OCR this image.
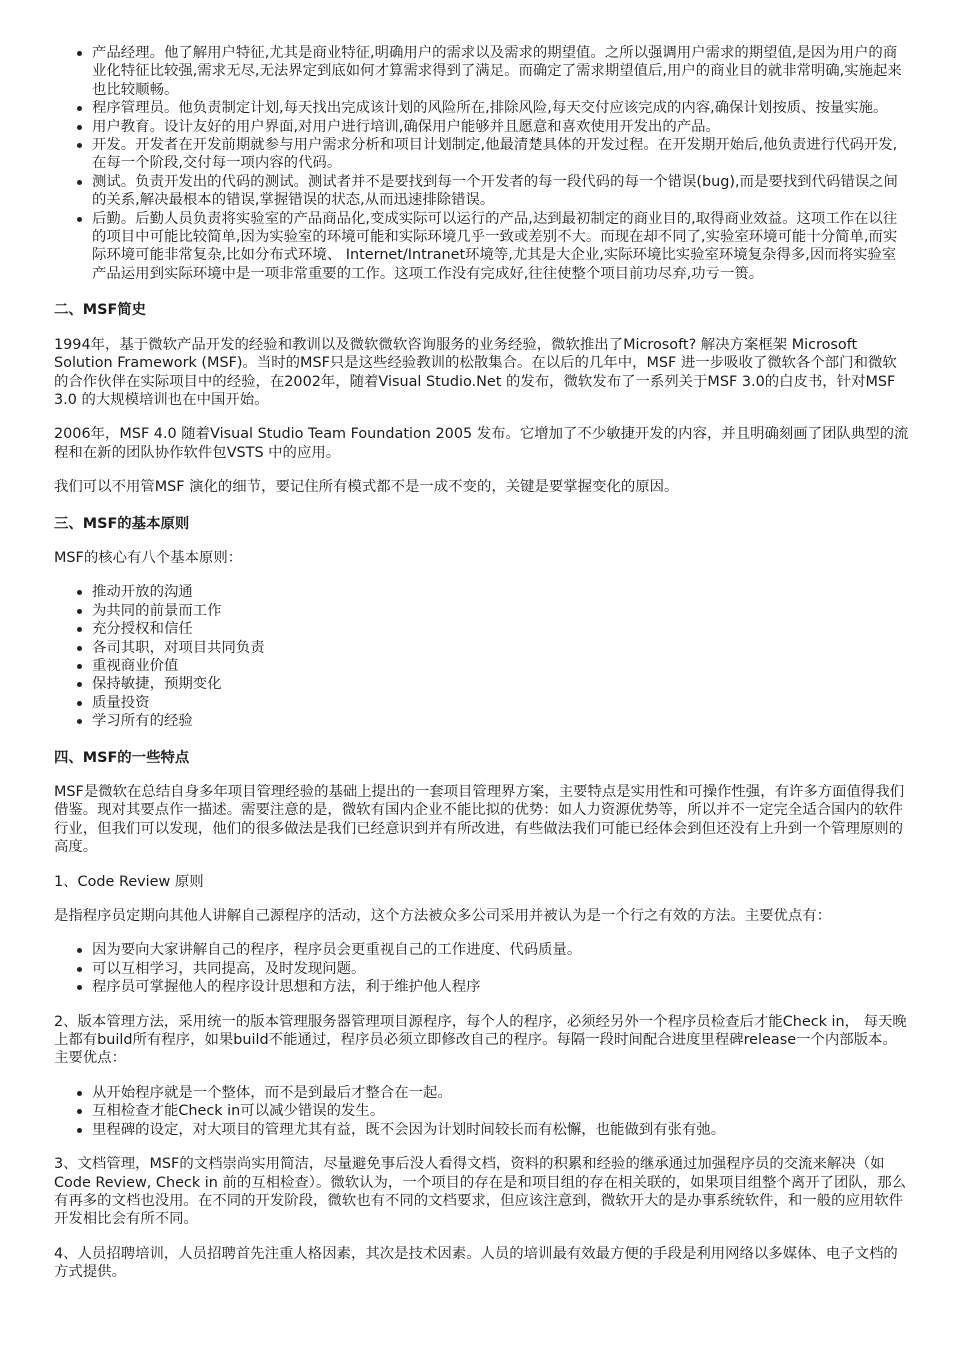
产品经理。他了解用户特征,尤其是商业特征,明确用户的需求以及需求的期望值。之所以强调用户需求的期望值,是因为用户的商业化特征比较强,需求无尽,无法界定到底如何才算需求得到了满足。而确定了需求期望值后,用户的商业目的就非常明确,实施起来也比较顺畅。
程序管理员。他负责制定计划,每天找出完成该计划的风险所在,排除风险,每天交付应该完成的内容,确保计划按质、按量实施。
用户教育。设计友好的用户界面,对用户进行培训,确保用户能够并且愿意和喜欢使用开发出的产品。
开发。开发者在开发前期就参与用户需求分析和项目计划制定,他最清楚具体的开发过程。在开发期开始后,他负责进行代码开发,在每一个阶段,交付每一项内容的代码。
测试。负责开发出的代码的测试。测试者并不是要找到每一个开发者的每一段代码的每一个错误(bug),而是要找到代码错误之间的关系,解决最根本的错误,掌握错误的状态,从而迅速排除错误。
后勤。后勤人员负责将实验室的产品商品化,变成实际可以运行的产品,达到最初制定的商业目的,取得商业效益。这项工作在以往的项目中可能比较简单,因为实验室的环境可能和实际环境几乎一致或差别不大。而现在却不同了,实验室环境可能十分简单,而实际环境可能非常复杂,比如分布式环境、 Internet/Intranet环境等,尤其是大企业,实际环境比实验室环境复杂得多,因而将实验室产品运用到实际环境中是一项非常重要的工作。这项工作没有完成好,往往使整个项目前功尽弃,功亏一篑。
二、MSF简史

1994年，基于微软产品开发的经验和教训以及微软微软咨询服务的业务经验，微软推出了Microsoft? 解决方案框架 Microsoft Solution Framework (MSF)。当时的MSF只是这些经验教训的松散集合。在以后的几年中，MSF 进一步吸收了微软各个部门和微软的合作伙伴在实际项目中的经验，在2002年，随着Visual Studio.Net 的发布，微软发布了一系列关于MSF 3.0的白皮书，针对MSF 3.0 的大规模培训也在中国开始。

2006年，MSF 4.0 随着Visual Studio Team Foundation 2005 发布。它增加了不少敏捷开发的内容，并且明确刻画了团队典型的流程和在新的团队协作软件包VSTS 中的应用。

我们可以不用管MSF 演化的细节，要记住所有模式都不是一成不变的，关键是要掌握变化的原因。

三、MSF的基本原则

MSF的核心有八个基本原则：

推动开放的沟通
为共同的前景而工作
充分授权和信任
各司其职，对项目共同负责
重视商业价值
保持敏捷，预期变化
质量投资
学习所有的经验
四、MSF的一些特点

MSF是微软在总结自身多年项目管理经验的基础上提出的一套项目管理界方案，主要特点是实用性和可操作性强，有许多方面值得我们借鉴。现对其要点作一描述。需要注意的是，微软有国内企业不能比拟的优势：如人力资源优势等，所以并不一定完全适合国内的软件行业，但我们可以发现，他们的很多做法是我们已经意识到并有所改进，有些做法我们可能已经体会到但还没有上升到一个管理原则的高度。

1、Code Review 原则

是指程序员定期向其他人讲解自己源程序的活动，这个方法被众多公司采用并被认为是一个行之有效的方法。主要优点有：

因为要向大家讲解自己的程序，程序员会更重视自己的工作进度、代码质量。
可以互相学习，共同提高，及时发现问题。
程序员可掌握他人的程序设计思想和方法，利于维护他人程序

2、版本管理方法，采用统一的版本管理服务器管理项目源程序，每个人的程序，必须经另外一个程序员检查后才能Check in， 每天晚上都有build所有程序，如果build不能通过，程序员必须立即修改自己的程序。每隔一段时间配合进度里程碑release一个内部版本。主要优点：

从开始程序就是一个整体，而不是到最后才整合在一起。
互相检查才能Check in可以减少错误的发生。
里程碑的设定，对大项目的管理尤其有益，既不会因为计划时间较长而有松懈，也能做到有张有弛。

3、文档管理，MSF的文档崇尚实用简洁，尽量避免事后没人看得文档，资料的积累和经验的继承通过加强程序员的交流来解决（如Code Review, Check in 前的互相检查）。微软认为，一个项目的存在是和项目组的存在相关联的，如果项目组整个离开了团队，那么有再多的文档也没用。在不同的开发阶段，微软也有不同的文档要求，但应该注意到，微软开大的是办事系统软件，和一般的应用软件开发相比会有所不同。

4、人员招聘培训，人员招聘首先注重人格因素，其次是技术因素。人员的培训最有效最方便的手段是利用网络以多媒体、电子文档的方式提供。
